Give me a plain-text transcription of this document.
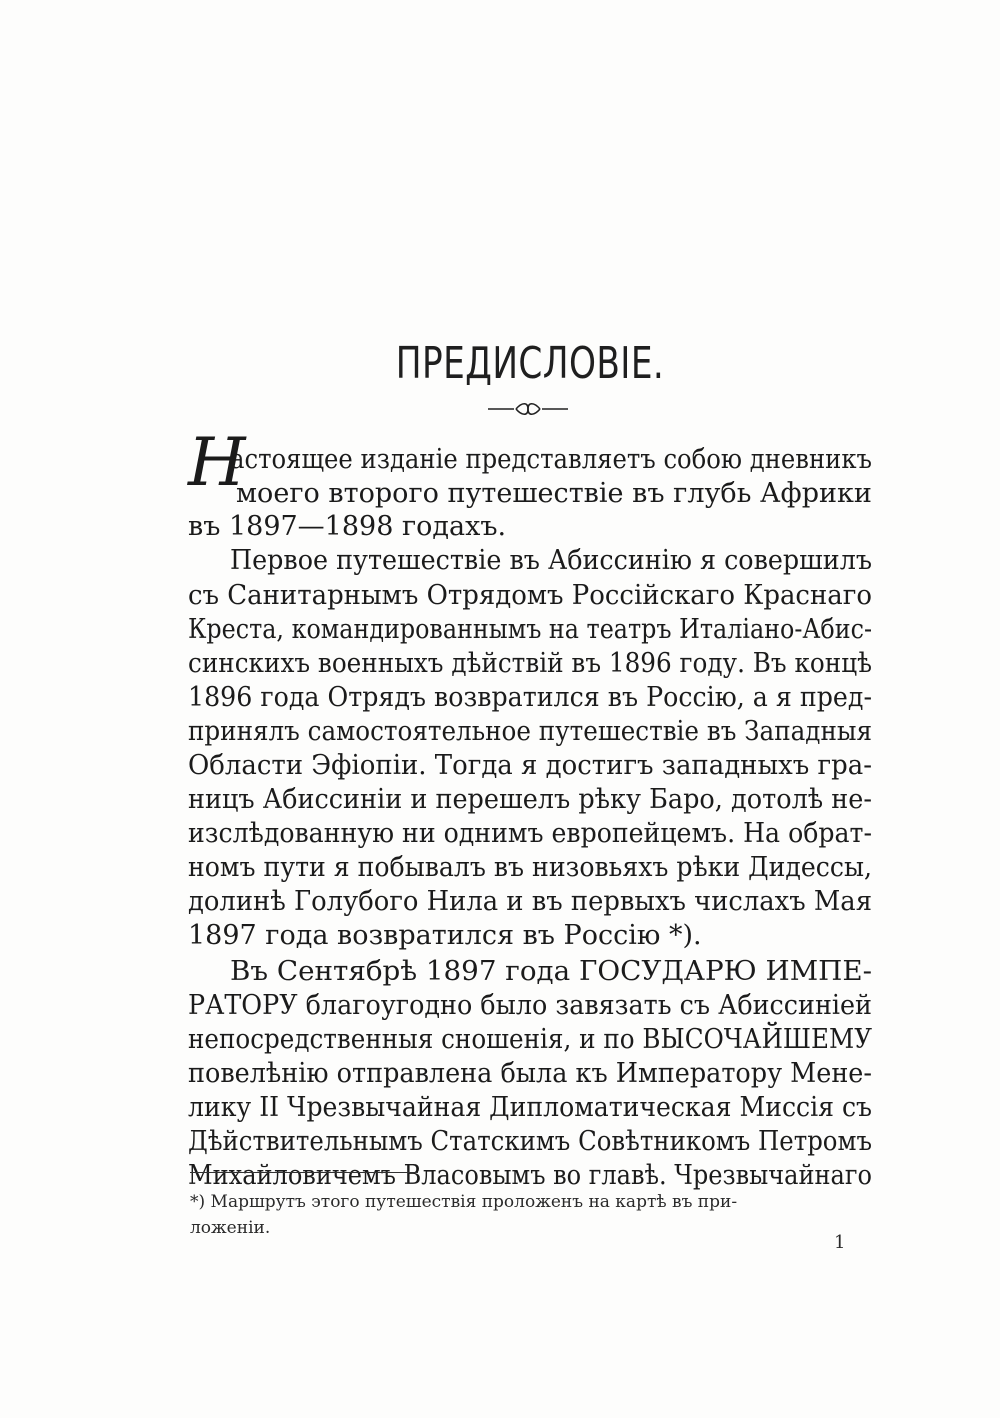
ПРЕДИСЛОВІЕ.
Н
астоящее изданіе представляетъ собою дневникъ
моего второго путешествіе въ глубь Африки
въ 1897—1898 годахъ.
Первое путешествіе въ Абиссинію я совершилъ
съ Санитарнымъ Отрядомъ Россійскаго Краснаго
Креста, командированнымъ на театръ Италіано-Абис-
синскихъ военныхъ дѣйствій въ 1896 году. Въ концѣ
1896 года Отрядъ возвратился въ Россію, а я пред-
принялъ самостоятельное путешествіе въ Западныя
Области Эфіопіи. Тогда я достигъ западныхъ гра-
ницъ Абиссиніи и перешелъ рѣку Баро, дотолѣ не-
изслѣдованную ни однимъ европейцемъ. На обрат-
номъ пути я побывалъ въ низовьяхъ рѣки Дидессы,
долинѣ Голубого Нила и въ первыхъ числахъ Мая
1897 года возвратился въ Россію *).
Въ Сентябрѣ 1897 года ГОСУДАРЮ ИМПЕ-
РАТОРУ благоугодно было завязать съ Абиссиніей
непосредственныя сношенія, и по ВЫСОЧАЙШЕМУ
повелѣнію отправлена была къ Императору Мене-
лику II Чрезвычайная Дипломатическая Миссія съ
Дѣйствительнымъ Статскимъ Совѣтникомъ Петромъ
Михайловичемъ Власовымъ во главѣ. Чрезвычайнаго
*) Маршрутъ этого путешествія проложенъ на картѣ въ при-
ложеніи.
1
